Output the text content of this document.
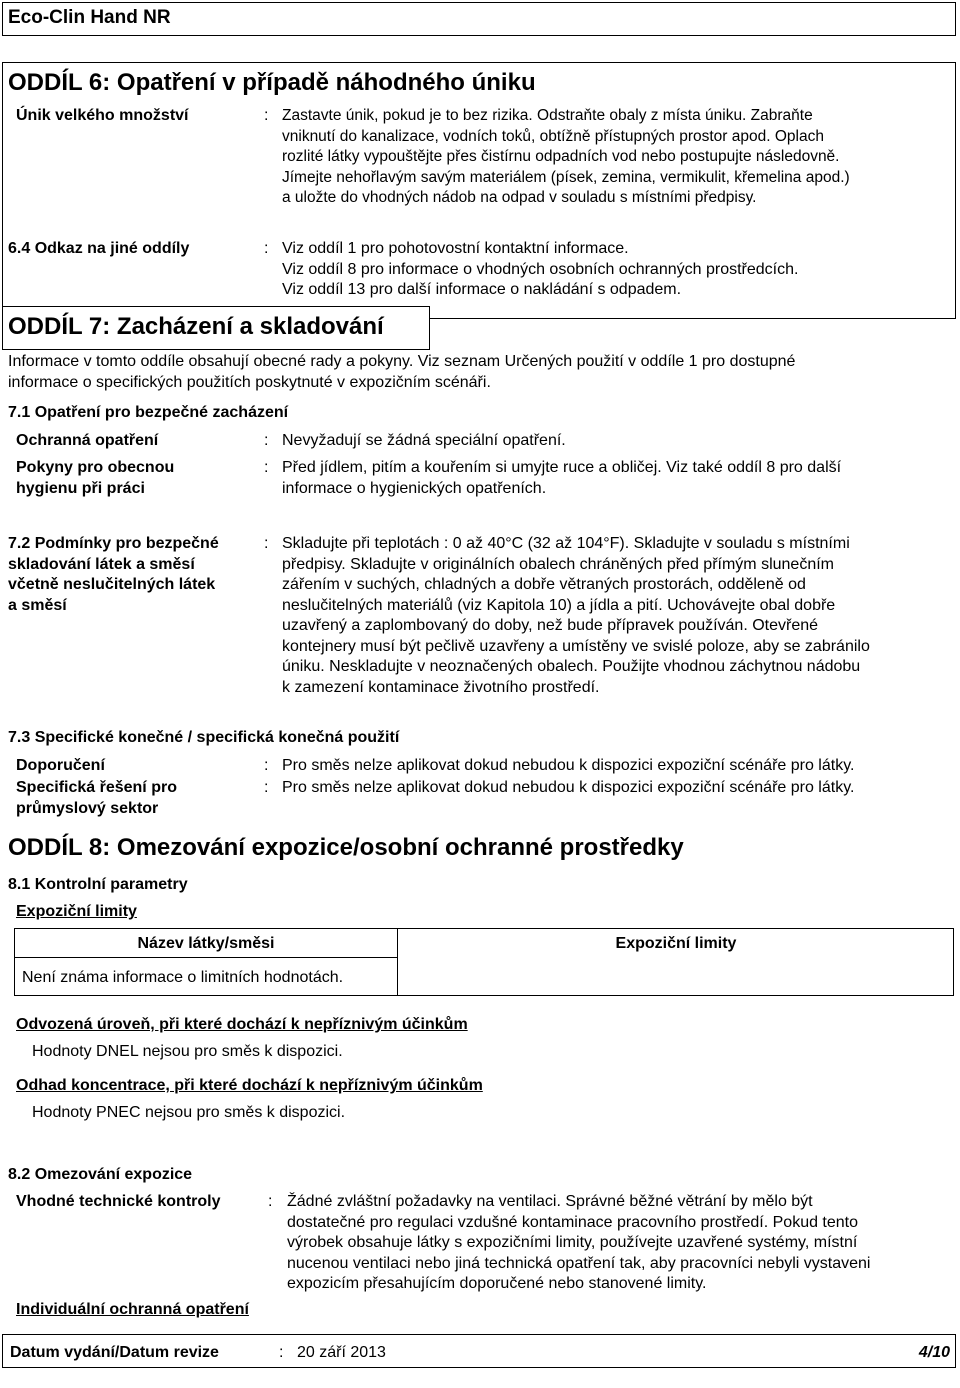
Eco-Clin Hand NR
ODDÍL 6: Opatření v případě náhodného úniku
Únik velkého množství	: Zastavte únik, pokud je to bez rizika. Odstraňte obaly z místa úniku. Zabraňte
vniknutí do kanalizace, vodních toků, obtížně přístupných prostor apod. Oplach
rozlité látky vypouštějte přes čistírnu odpadních vod nebo postupujte následovně.
Jímejte nehořlavým savým materiálem (písek, zemina, vermikulit, křemelina apod.)
a uložte do vhodných nádob na odpad v souladu s místními předpisy.
6.4 Odkaz na jiné oddíly	: Viz oddíl 1 pro pohotovostní kontaktní informace.
Viz oddíl 8 pro informace o vhodných osobních ochranných prostředcích.
Viz oddíl 13 pro další informace o nakládání s odpadem.
ODDÍL 7: Zacházení a skladování
Informace v tomto oddíle obsahují obecné rady a pokyny. Viz seznam Určených použití v oddíle 1 pro dostupné
informace o specifických použitích poskytnuté v expozičním scénáři.
7.1 Opatření pro bezpečné zacházení
Ochranná opatření	: Nevyžadují se žádná speciální opatření.
Pokyny pro obecnou
hygienu při práci
: Před jídlem, pitím a kouřením si umyjte ruce a obličej. Viz také oddíl 8 pro další
informace o hygienických opatřeních.
7.2 Podmínky pro bezpečné
skladování látek a směsí
včetně neslučitelných látek
a směsí
: Skladujte při teplotách : 0 až 40°C (32 až 104°F). Skladujte v souladu s místními
předpisy. Skladujte v originálních obalech chráněných před přímým slunečním
zářením v suchých, chladných a dobře větraných prostorách, odděleně od
neslučitelných materiálů (viz Kapitola 10) a jídla a pití. Uchovávejte obal dobře
uzavřený a zaplombovaný do doby, než bude přípravek používán. Otevřené
kontejnery musí být pečlivě uzavřeny a umístěny ve svislé poloze, aby se zabránilo
úniku. Neskladujte v neoznačených obalech. Použijte vhodnou záchytnou nádobu
k zamezení kontaminace životního prostředí.
7.3 Specifické konečné / specifická konečná použití
Doporučení	: Pro směs nelze aplikovat dokud nebudou k dispozici expoziční scénáře pro látky.
Specifická řešení pro
průmyslový sektor
: Pro směs nelze aplikovat dokud nebudou k dispozici expoziční scénáře pro látky.
ODDÍL 8: Omezování expozice/osobní ochranné prostředky
8.1 Kontrolní parametry
Expoziční limity
Název látky/směsi	Expoziční limity
Není známa informace o limitních hodnotách.
Odvozená úroveň, při které dochází k nepříznivým účinkům
Hodnoty DNEL nejsou pro směs k dispozici.
Odhad koncentrace, při které dochází k nepříznivým účinkům
Hodnoty PNEC nejsou pro směs k dispozici.
8.2 Omezování expozice
Vhodné technické kontroly	: Žádné zvláštní požadavky na ventilaci. Správné běžné větrání by mělo být
dostatečné pro regulaci vzdušné kontaminace pracovního prostředí. Pokud tento
výrobek obsahuje látky s expozičními limity, používejte uzavřené systémy, místní
nucenou ventilaci nebo jiná technická opatření tak, aby pracovníci nebyli vystaveni
expozicím přesahujícím doporučené nebo stanovené limity.
Individuální ochranná opatření
Datum vydání/Datum revize	: 20 září 2013	4/10
